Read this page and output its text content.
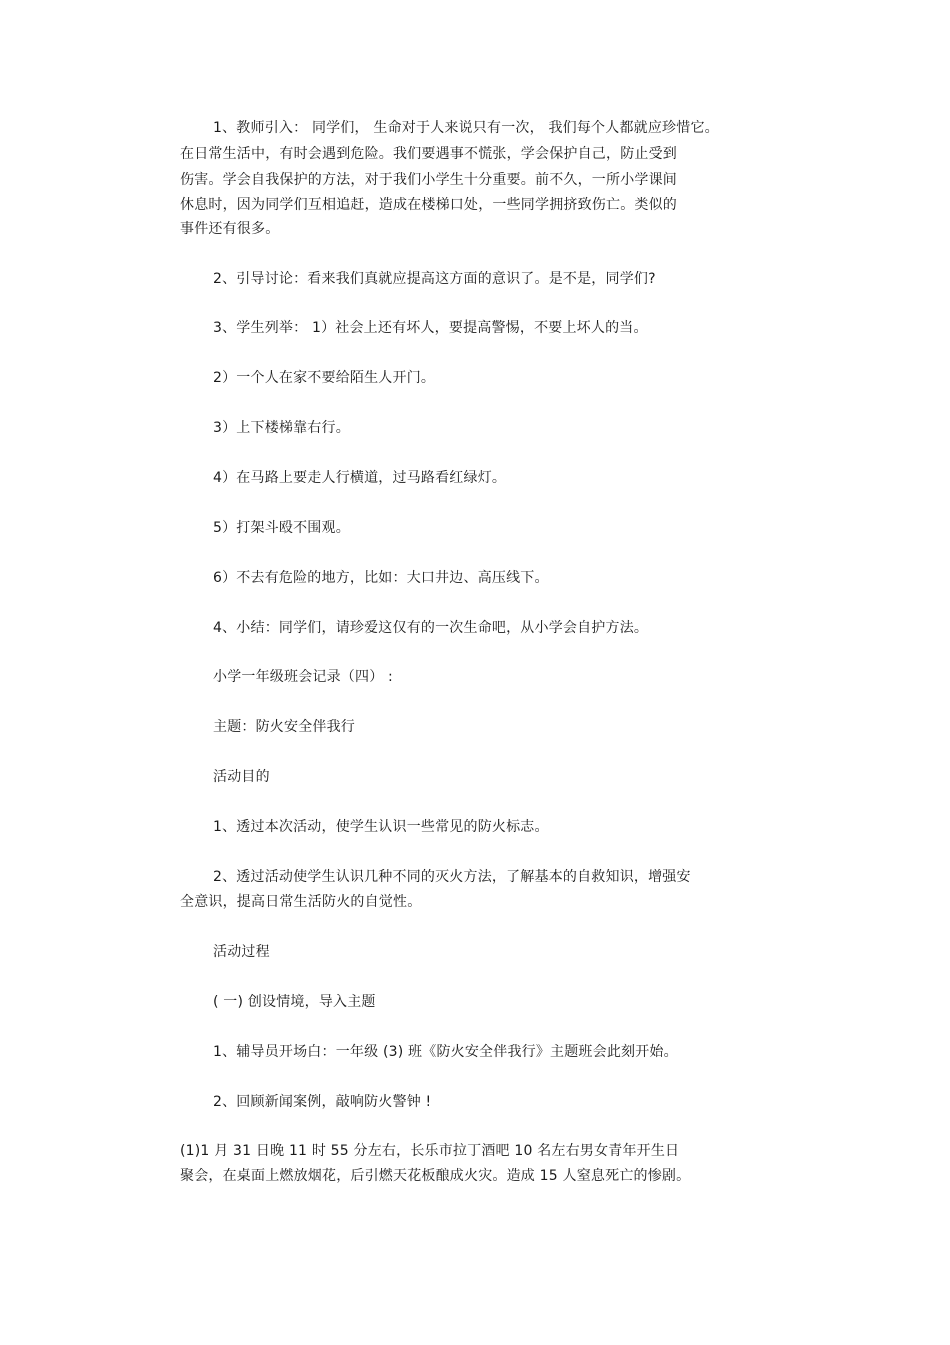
1、教师引入： 同学们， 生命对于人来说只有一次， 我们每个人都就应珍惜它。
在日常生活中，有时会遇到危险。我们要遇事不慌张，学会保护自己，防止受到
伤害。学会自我保护的方法，对于我们小学生十分重要。前不久，一所小学课间
休息时，因为同学们互相追赶，造成在楼梯口处，一些同学拥挤致伤亡。类似的
事件还有很多。
2、引导讨论：看来我们真就应提高这方面的意识了。是不是，同学们?
3、学生列举： 1）社会上还有坏人，要提高警惕，不要上坏人的当。
2）一个人在家不要给陌生人开门。
3）上下楼梯靠右行。
4）在马路上要走人行横道，过马路看红绿灯。
5）打架斗殴不围观。
6）不去有危险的地方，比如：大口井边、高压线下。
4、小结：同学们，请珍爱这仅有的一次生命吧，从小学会自护方法。
小学一年级班会记录（四） :
主题：防火安全伴我行
活动目的
1、透过本次活动，使学生认识一些常见的防火标志。
2、透过活动使学生认识几种不同的灭火方法，了解基本的自救知识，增强安
全意识，提高日常生活防火的自觉性。
活动过程
( 一) 创设情境，导入主题
1、辅导员开场白：一年级 (3) 班《防火安全伴我行》主题班会此刻开始。
2、回顾新闻案例，敲响防火警钟 !
(1)1 月 31 日晚 11 时 55 分左右，长乐市拉丁酒吧 10 名左右男女青年开生日
聚会，在桌面上燃放烟花，后引燃天花板酿成火灾。造成 15 人窒息死亡的惨剧。
